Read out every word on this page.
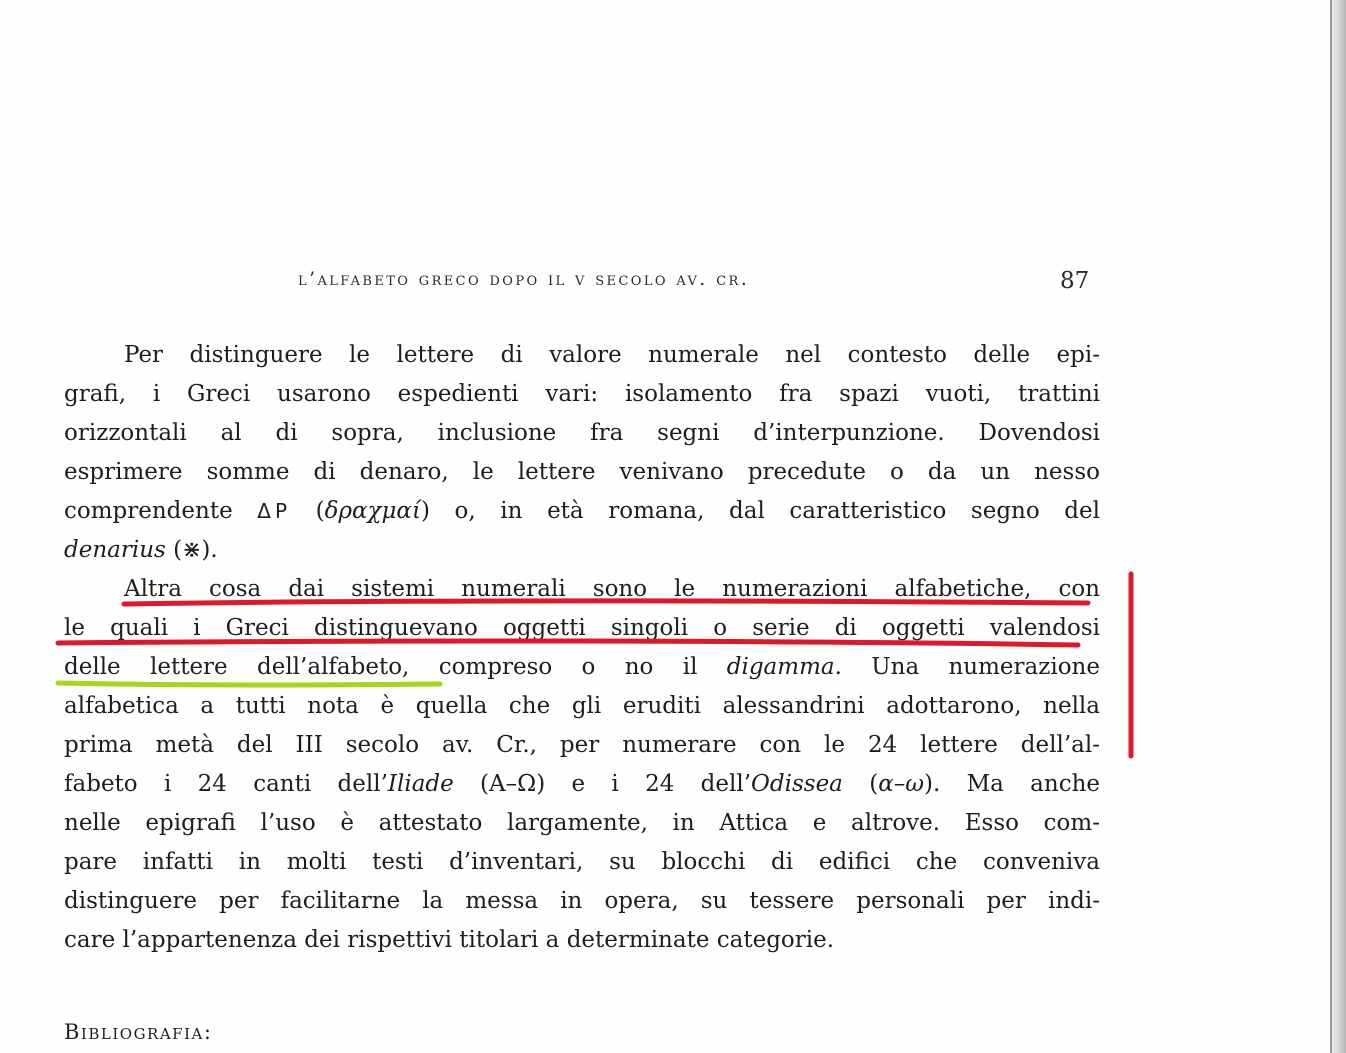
l’alfabeto greco dopo il v secolo av. cr.	87
Per distinguere le lettere di valore numerale nel contesto delle epi-
grafi, i Greci usarono espedienti vari: isolamento fra spazi vuoti, trattini
orizzontali al di sopra, inclusione fra segni d’interpunzione. Dovendosi
esprimere somme di denaro, le lettere venivano precedute o da un nesso
comprendente ΔΡ (δραχμαί) o, in età romana, dal caratteristico segno del
denarius (⋇).
Altra cosa dai sistemi numerali sono le numerazioni alfabetiche, con
le quali i Greci distinguevano oggetti singoli o serie di oggetti valendosi
delle lettere dell’alfabeto, compreso o no il digamma. Una numerazione
alfabetica a tutti nota è quella che gli eruditi alessandrini adottarono, nella
prima metà del III secolo av. Cr., per numerare con le 24 lettere dell’al-
fabeto i 24 canti dell’Iliade (Α–Ω) e i 24 dell’Odissea (α–ω). Ma anche
nelle epigrafi l’uso è attestato largamente, in Attica e altrove. Esso com-
pare infatti in molti testi d’inventari, su blocchi di edifici che conveniva
distinguere per facilitarne la messa in opera, su tessere personali per indi-
care l’appartenenza dei rispettivi titolari a determinate categorie.
Bibliografia:
